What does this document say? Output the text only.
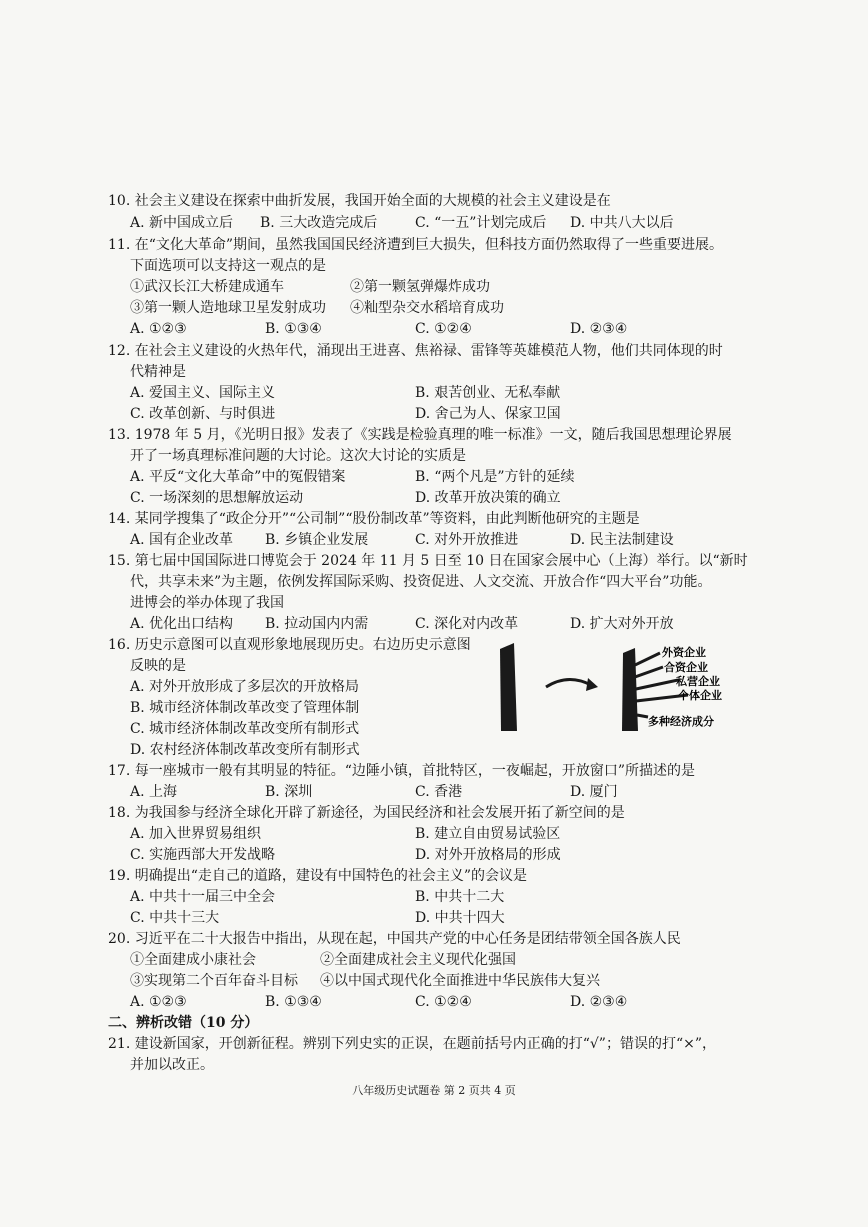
10. 社会主义建设在探索中曲折发展，我国开始全面的大规模的社会主义建设是在
A. 新中国成立后 B. 三大改造完成后	C. “一五”计划完成后 D. 中共八大以后
11. 在“文化大革命”期间，虽然我国国民经济遭到巨大损失，但科技方面仍然取得了一些重要进展。
下面选项可以支持这一观点的是
①武汉长江大桥建成通车	②第一颗氢弹爆炸成功
③第一颗人造地球卫星发射成功 ④籼型杂交水稻培育成功
A. ①②③	B. ①③④	C. ①②④	D. ②③④
12. 在社会主义建设的火热年代，涌现出王进喜、焦裕禄、雷锋等英雄模范人物，他们共同体现的时
代精神是
A. 爱国主义、国际主义	B. 艰苦创业、无私奉献
C. 改革创新、与时俱进	D. 舍己为人、保家卫国
13. 1978 年 5 月，《光明日报》发表了《实践是检验真理的唯一标准》一文，随后我国思想理论界展
开了一场真理标准问题的大讨论。这次大讨论的实质是
A. 平反“文化大革命”中的冤假错案	B. “两个凡是”方针的延续
C. 一场深刻的思想解放运动	D. 改革开放决策的确立
14. 某同学搜集了“政企分开”“公司制”“股份制改革”等资料，由此判断他研究的主题是
A. 国有企业改革 B. 乡镇企业发展	C. 对外开放推进	D. 民主法制建设
15. 第七届中国国际进口博览会于 2024 年 11 月 5 日至 10 日在国家会展中心（上海）举行。以“新时
代，共享未来”为主题，依例发挥国际采购、投资促进、人文交流、开放合作“四大平台”功能。
进博会的举办体现了我国
A. 优化出口结构 B. 拉动国内内需	C. 深化对内改革	D. 扩大对外开放
16. 历史示意图可以直观形象地展现历史。右边历史示意图
反映的是
A. 对外开放形成了多层次的开放格局
B. 城市经济体制改革改变了管理体制
C. 城市经济体制改革改变所有制形式
D. 农村经济体制改革改变所有制形式
外资企业
合资企业
私营企业
个体企业
多种经济成分
17. 每一座城市一般有其明显的特征。“边陲小镇，首批特区，一夜崛起，开放窗口”所描述的是
A. 上海	B. 深圳	C. 香港	D. 厦门
18. 为我国参与经济全球化开辟了新途径，为国民经济和社会发展开拓了新空间的是
A. 加入世界贸易组织	B. 建立自由贸易试验区
C. 实施西部大开发战略	D. 对外开放格局的形成
19. 明确提出“走自己的道路，建设有中国特色的社会主义”的会议是
A. 中共十一届三中全会	B. 中共十二大
C. 中共十三大	D. 中共十四大
20. 习近平在二十大报告中指出，从现在起，中国共产党的中心任务是团结带领全国各族人民
①全面建成小康社会	②全面建成社会主义现代化强国
③实现第二个百年奋斗目标 ④以中国式现代化全面推进中华民族伟大复兴
A. ①②③	B. ①③④	C. ①②④	D. ②③④
二、辨析改错（10 分）
21. 建设新国家，开创新征程。辨别下列史实的正误，在题前括号内正确的打“√”；错误的打“×”，
并加以改正。
八年级历史试题卷 第 2 页共 4 页
